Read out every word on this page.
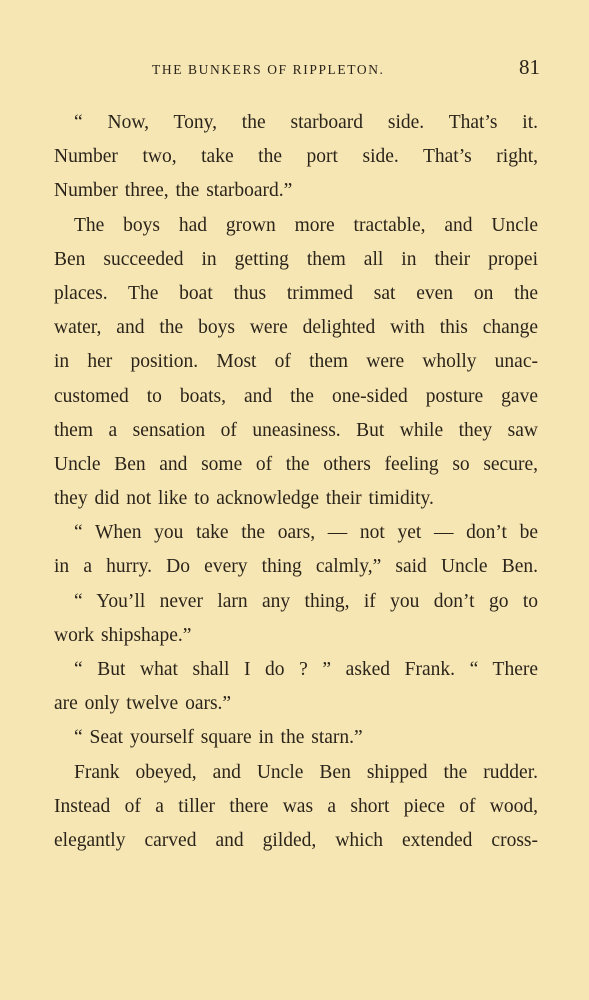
THE BUNKERS OF RIPPLETON.	81
“ Now, Tony, the starboard side. That’s it.
Number two, take the port side. That’s right,
Number three, the starboard.”
The boys had grown more tractable, and Uncle
Ben succeeded in getting them all in their propei
places. The boat thus trimmed sat even on the
water, and the boys were delighted with this change
in her position. Most of them were wholly unac-
customed to boats, and the one-sided posture gave
them a sensation of uneasiness. But while they saw
Uncle Ben and some of the others feeling so secure,
they did not like to acknowledge their timidity.
“ When you take the oars, — not yet — don’t be
in a hurry. Do every thing calmly,” said Uncle Ben.
“ You’ll never larn any thing, if you don’t go to
work shipshape.”
“ But what shall I do ? ” asked Frank. “ There
are only twelve oars.”
“ Seat yourself square in the starn.”
Frank obeyed, and Uncle Ben shipped the rudder.
Instead of a tiller there was a short piece of wood,
elegantly carved and gilded, which extended cross-
